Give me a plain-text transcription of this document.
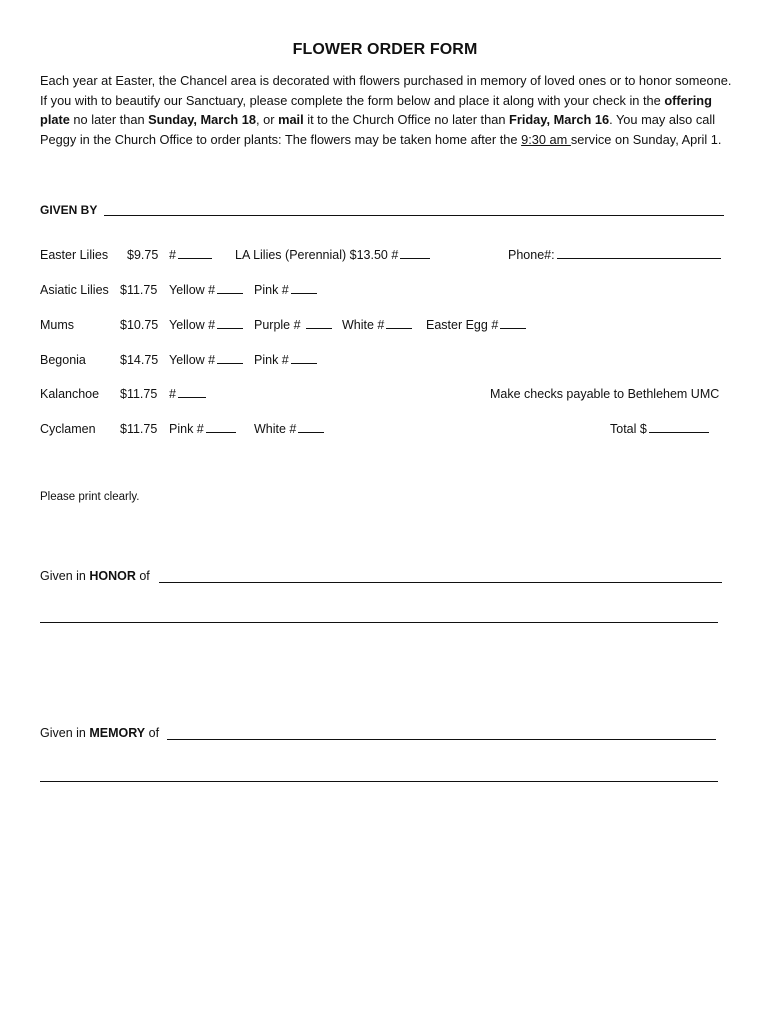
FLOWER ORDER FORM

Each year at Easter, the Chancel area is decorated with flowers purchased in memory of loved ones or to honor someone. If you with to beautify our Sanctuary, please complete the form below and place it along with your check in the offering plate no later than Sunday, March 18, or mail it to the Church Office no later than Friday, March 16. You may also call Peggy in the Church Office to order plants: The flowers may be taken home after the 9:30 am service on Sunday, April 1.

GIVEN BY
Easter Lilies $9.75 #	LA Lilies (Perennial) $13.50 #	Phone#:
Asiatic Lilies $11.75 Yellow #	Pink #
Mums	$10.75 Yellow #	Purple #	White #	Easter Egg #
Begonia	$14.75 Yellow #	Pink #
Kalanchoe $11.75 #	Make checks payable to Bethlehem UMC
Cyclamen $11.75 Pink #	White #	Total $
Please print clearly.
Given in HONOR of
Given in MEMORY of
